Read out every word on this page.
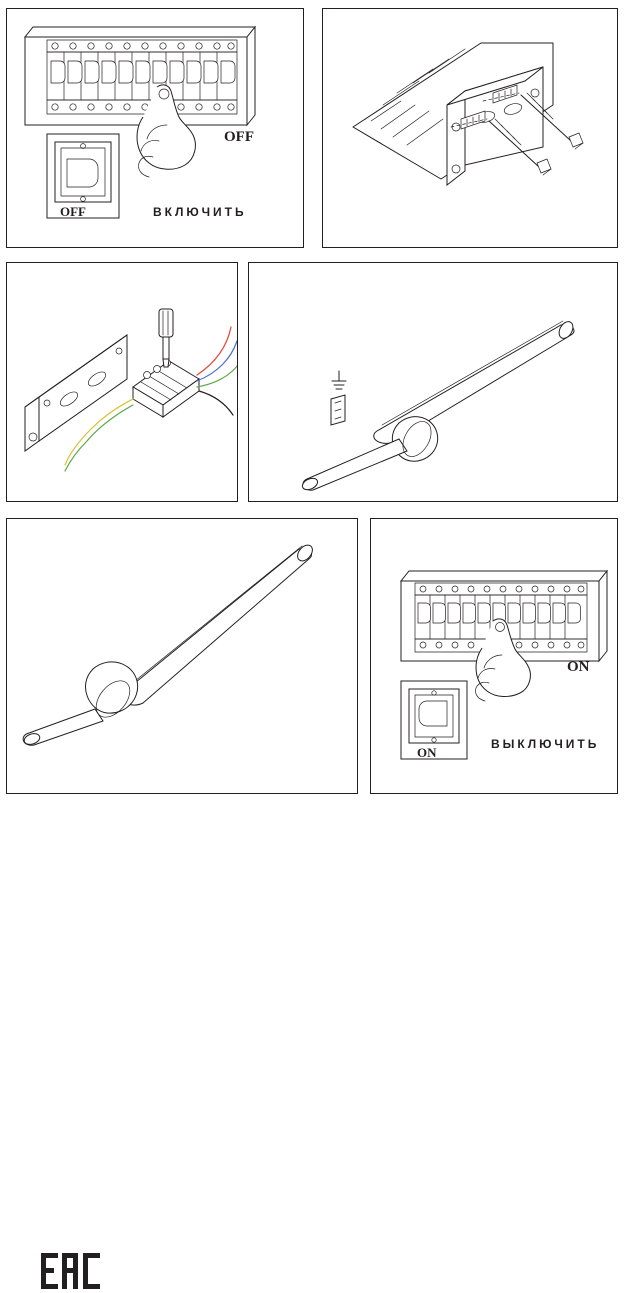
OFF
OFF	ВКЛЮЧИТЬ
ON
ON
ВЫКЛЮЧИТЬ
